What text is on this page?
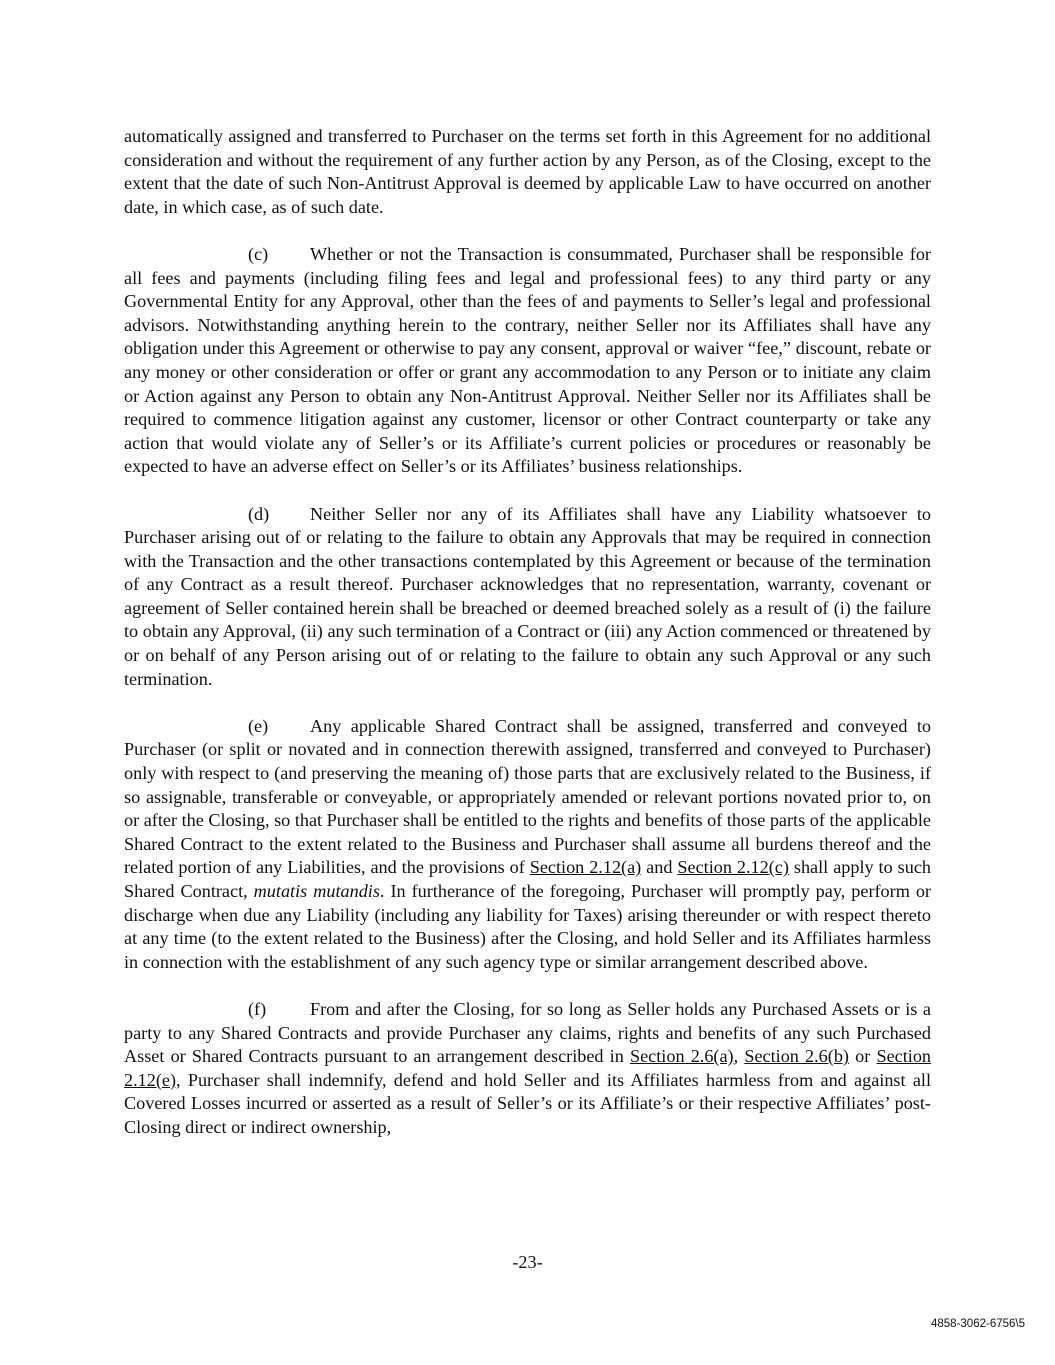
automatically assigned and transferred to Purchaser on the terms set forth in this Agreement for no additional consideration and without the requirement of any further action by any Person, as of the Closing, except to the extent that the date of such Non-Antitrust Approval is deemed by applicable Law to have occurred on another date, in which case, as of such date.

(c) Whether or not the Transaction is consummated, Purchaser shall be responsible for all fees and payments (including filing fees and legal and professional fees) to any third party or any Governmental Entity for any Approval, other than the fees of and payments to Seller’s legal and professional advisors. Notwithstanding anything herein to the contrary, neither Seller nor its Affiliates shall have any obligation under this Agreement or otherwise to pay any consent, approval or waiver “fee,” discount, rebate or any money or other consideration or offer or grant any accommodation to any Person or to initiate any claim or Action against any Person to obtain any Non-Antitrust Approval. Neither Seller nor its Affiliates shall be required to commence litigation against any customer, licensor or other Contract counterparty or take any action that would violate any of Seller’s or its Affiliate’s current policies or procedures or reasonably be expected to have an adverse effect on Seller’s or its Affiliates’ business relationships.

(d) Neither Seller nor any of its Affiliates shall have any Liability whatsoever to Purchaser arising out of or relating to the failure to obtain any Approvals that may be required in connection with the Transaction and the other transactions contemplated by this Agreement or because of the termination of any Contract as a result thereof. Purchaser acknowledges that no representation, warranty, covenant or agreement of Seller contained herein shall be breached or deemed breached solely as a result of (i) the failure to obtain any Approval, (ii) any such termination of a Contract or (iii) any Action commenced or threatened by or on behalf of any Person arising out of or relating to the failure to obtain any such Approval or any such termination.

(e) Any applicable Shared Contract shall be assigned, transferred and conveyed to Purchaser (or split or novated and in connection therewith assigned, transferred and conveyed to Purchaser) only with respect to (and preserving the meaning of) those parts that are exclusively related to the Business, if so assignable, transferable or conveyable, or appropriately amended or relevant portions novated prior to, on or after the Closing, so that Purchaser shall be entitled to the rights and benefits of those parts of the applicable Shared Contract to the extent related to the Business and Purchaser shall assume all burdens thereof and the related portion of any Liabilities, and the provisions of Section 2.12(a) and Section 2.12(c) shall apply to such Shared Contract, mutatis mutandis. In furtherance of the foregoing, Purchaser will promptly pay, perform or discharge when due any Liability (including any liability for Taxes) arising thereunder or with respect thereto at any time (to the extent related to the Business) after the Closing, and hold Seller and its Affiliates harmless in connection with the establishment of any such agency type or similar arrangement described above.

(f) From and after the Closing, for so long as Seller holds any Purchased Assets or is a party to any Shared Contracts and provide Purchaser any claims, rights and benefits of any such Purchased Asset or Shared Contracts pursuant to an arrangement described in Section 2.6(a), Section 2.6(b) or Section 2.12(e), Purchaser shall indemnify, defend and hold Seller and its Affiliates harmless from and against all Covered Losses incurred or asserted as a result of Seller’s or its Affiliate’s or their respective Affiliates’ post-Closing direct or indirect ownership,

-23-
4858-3062-6756\5
